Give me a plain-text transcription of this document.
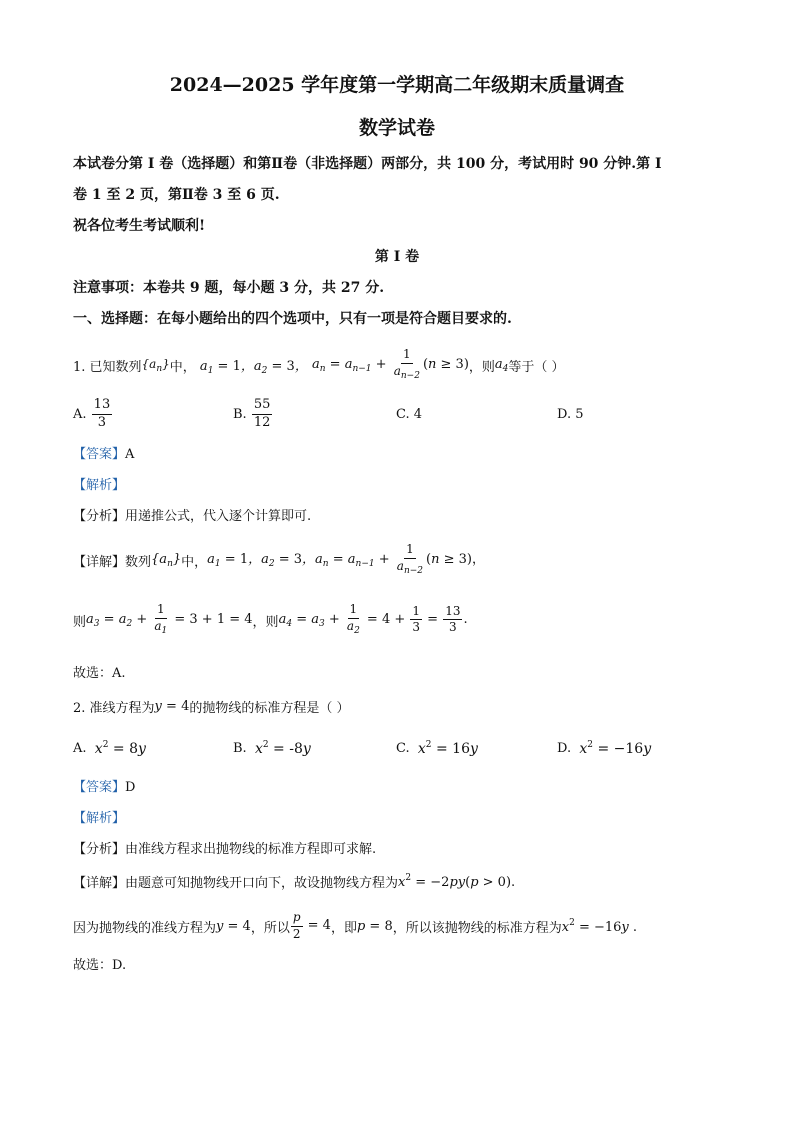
2024—2025 学年度第一学期高二年级期末质量调查
数学试卷
本试卷分第 I 卷（选择题）和第Ⅱ卷（非选择题）两部分，共 100 分，考试用时 90 分钟.第 I
卷 1 至 2 页，第Ⅱ卷 3 至 6 页.
祝各位考生考试顺利!
第 I 卷
注意事项：本卷共 9 题，每小题 3 分，共 27 分.
一、选择题：在每小题给出的四个选项中，只有一项是符合题目要求的.
1. 已知数列 $\{a_n\}$ 中， $a_1 = 1$， $a_2 = 3$， $a_n = a_{n-1} + \frac{1}{a_{n-2}} (n \ge 3)$ ，则 $a_4$ 等于（ ）
A.
$\frac{13}{3}$	B.
$\frac{55}{12}$	C. 4	D. 5
【答案】A
【解析】
【分析】用递推公式，代入逐个计算即可.
【详解】 数列 $\{a_n\}$ 中， $a_1 = 1$，$a_2 = 3$，$a_n = a_{n-1} + \frac{1}{a_{n-2}} (n \ge 3)$，
则 $a_3 = a_2 + \frac{1}{a_1} = 3 + 1 = 4$ ，则 $a_4 = a_3 + \frac{1}{a_2} = 4 + \frac{1}{3} = \frac{13}{3}$ .
故选：A.
2. 准线方程为 y = 4 的抛物线的标准方程是（ ）
A.
$x^2 = 8y$	B.
$x^2 = -8y$	C.
$x^2 = 16y$	D.
$x^2 = -16y$
【答案】D
【解析】
【分析】由准线方程求出抛物线的标准方程即可求解.
【详解】 由题意可知抛物线开口向下，故设抛物线方程为 $x^2 = -2py(p > 0)$.
因为抛物线的准线方程为 y = 4 ，所以 $\frac{p}{2} = 4$ ，即 p = 8 ，所以该抛物线的标准方程为 $x^2 = -16y$ .
故选：D.
